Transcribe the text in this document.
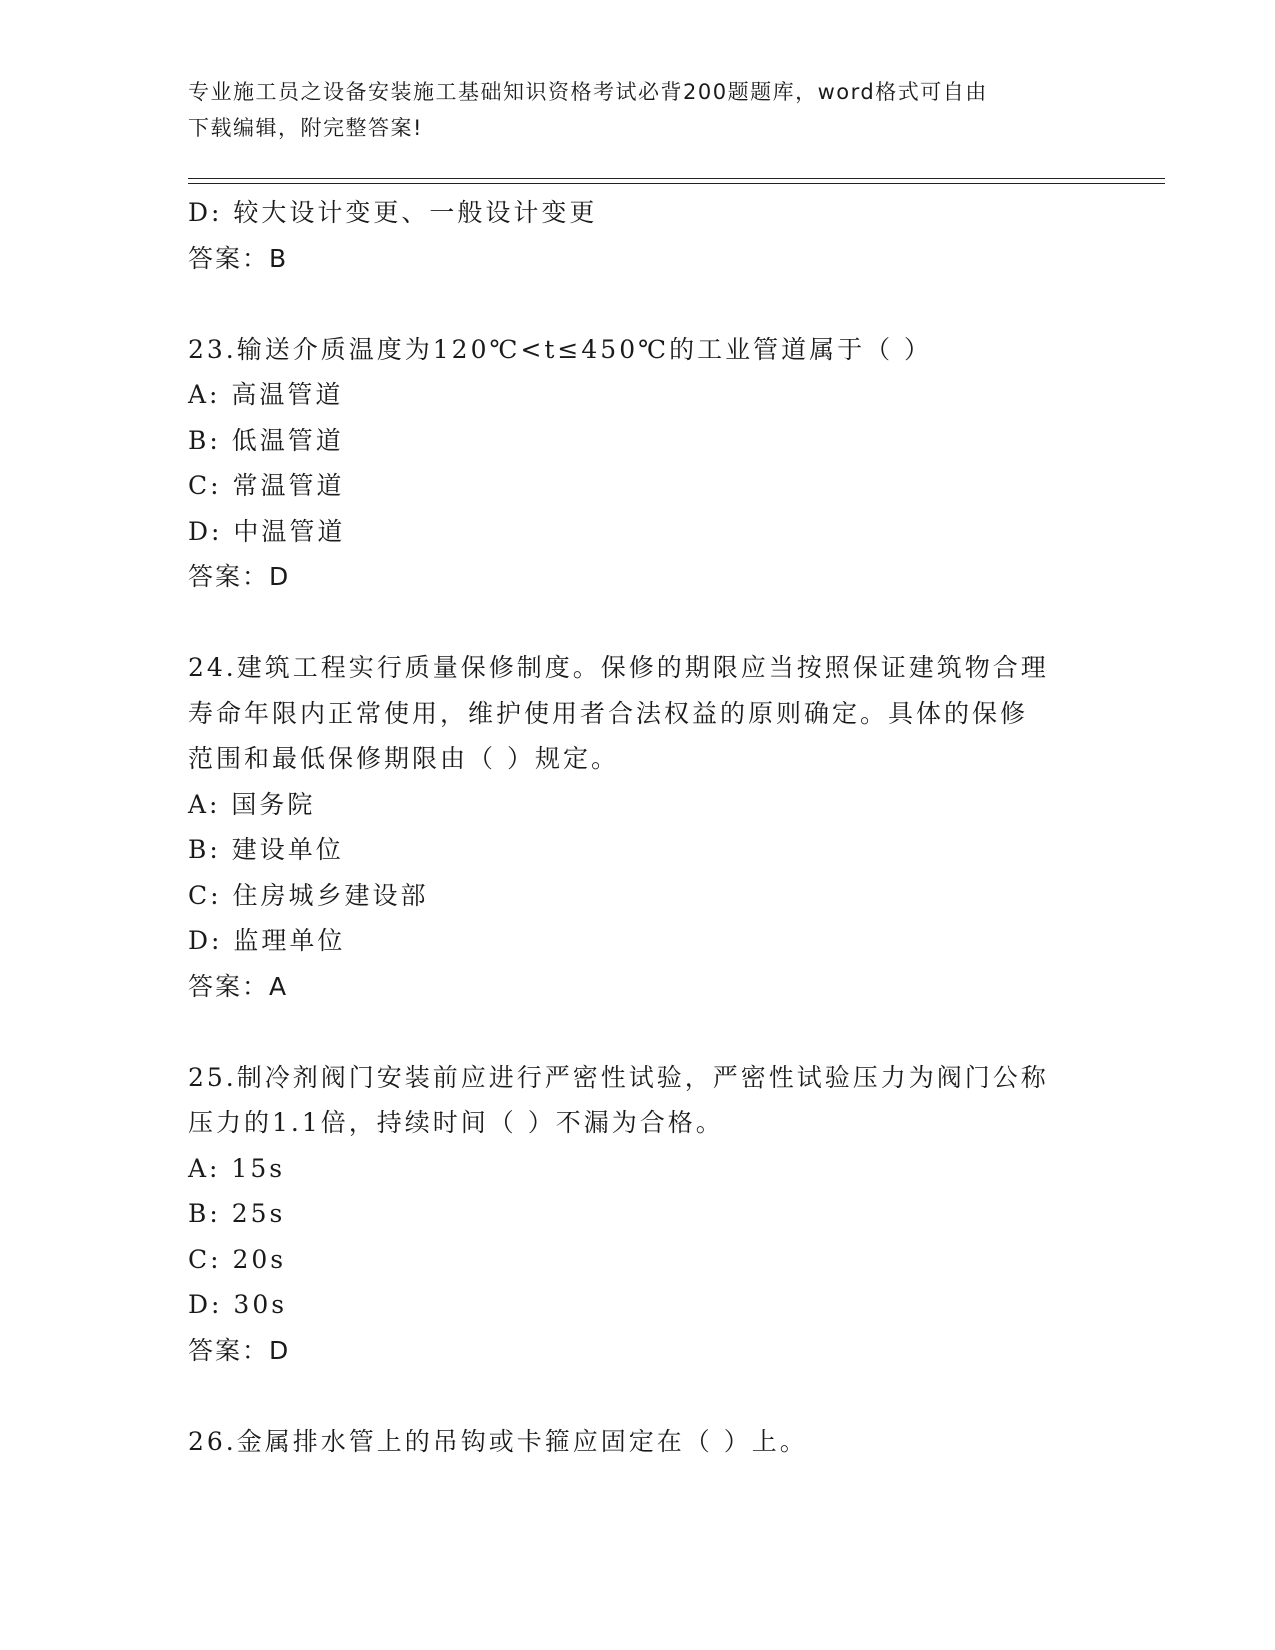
专业施工员之设备安装施工基础知识资格考试必背200题题库，word格式可自由
下载编辑，附完整答案!
D: 较大设计变更、一般设计变更
答案：B
23.输送介质温度为120℃<t≤450℃的工业管道属于（ ）
A: 高温管道
B: 低温管道
C: 常温管道
D: 中温管道
答案：D
24.建筑工程实行质量保修制度。保修的期限应当按照保证建筑物合理
寿命年限内正常使用，维护使用者合法权益的原则确定。具体的保修
范围和最低保修期限由（ ）规定。
A: 国务院
B: 建设单位
C: 住房城乡建设部
D: 监理单位
答案：A
25.制冷剂阀门安装前应进行严密性试验，严密性试验压力为阀门公称
压力的1.1倍，持续时间（ ）不漏为合格。
A: 15s
B: 25s
C: 20s
D: 30s
答案：D
26.金属排水管上的吊钩或卡箍应固定在（ ）上。
